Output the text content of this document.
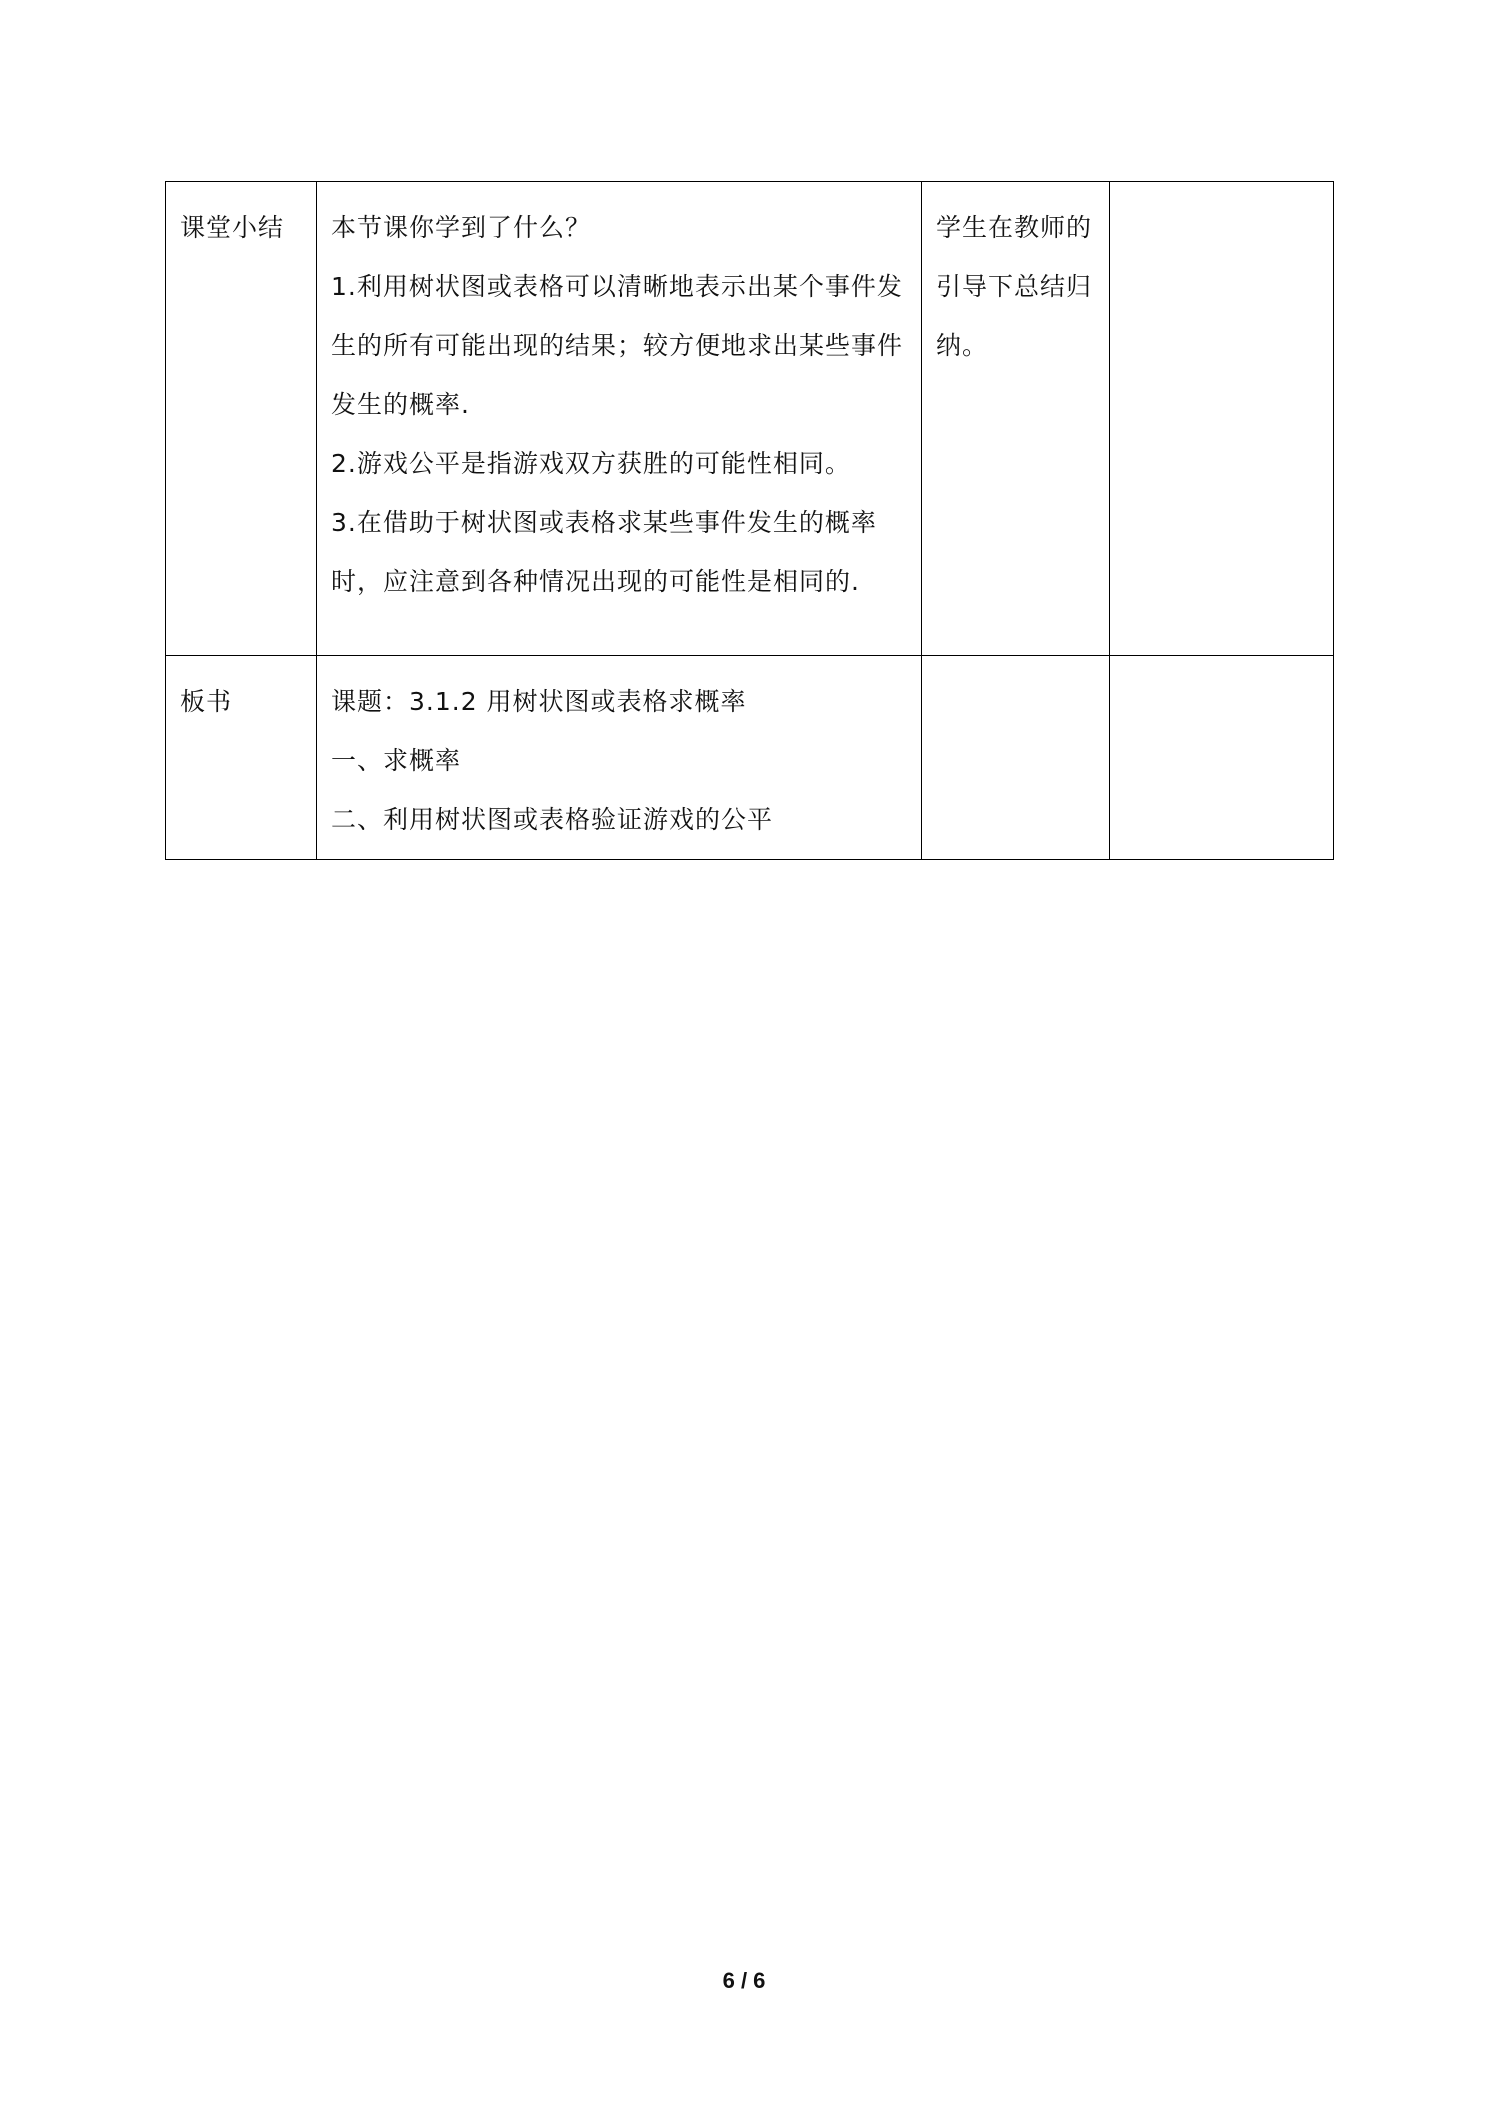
课堂小结	本节课你学到了什么？

1.利用树状图或表格可以清晰地表示出某个事件发生的所有可能出现的结果；较方便地求出某些事件发生的概率.

2.游戏公平是指游戏双方获胜的可能性相同。

3.在借助于树状图或表格求某些事件发生的概率时，应注意到各种情况出现的可能性是相同的.	学生在教师的引导下总结归纳。	

板书	课题：3.1.2 用树状图或表格求概率

一、求概率

二、利用树状图或表格验证游戏的公平		

6 / 6
